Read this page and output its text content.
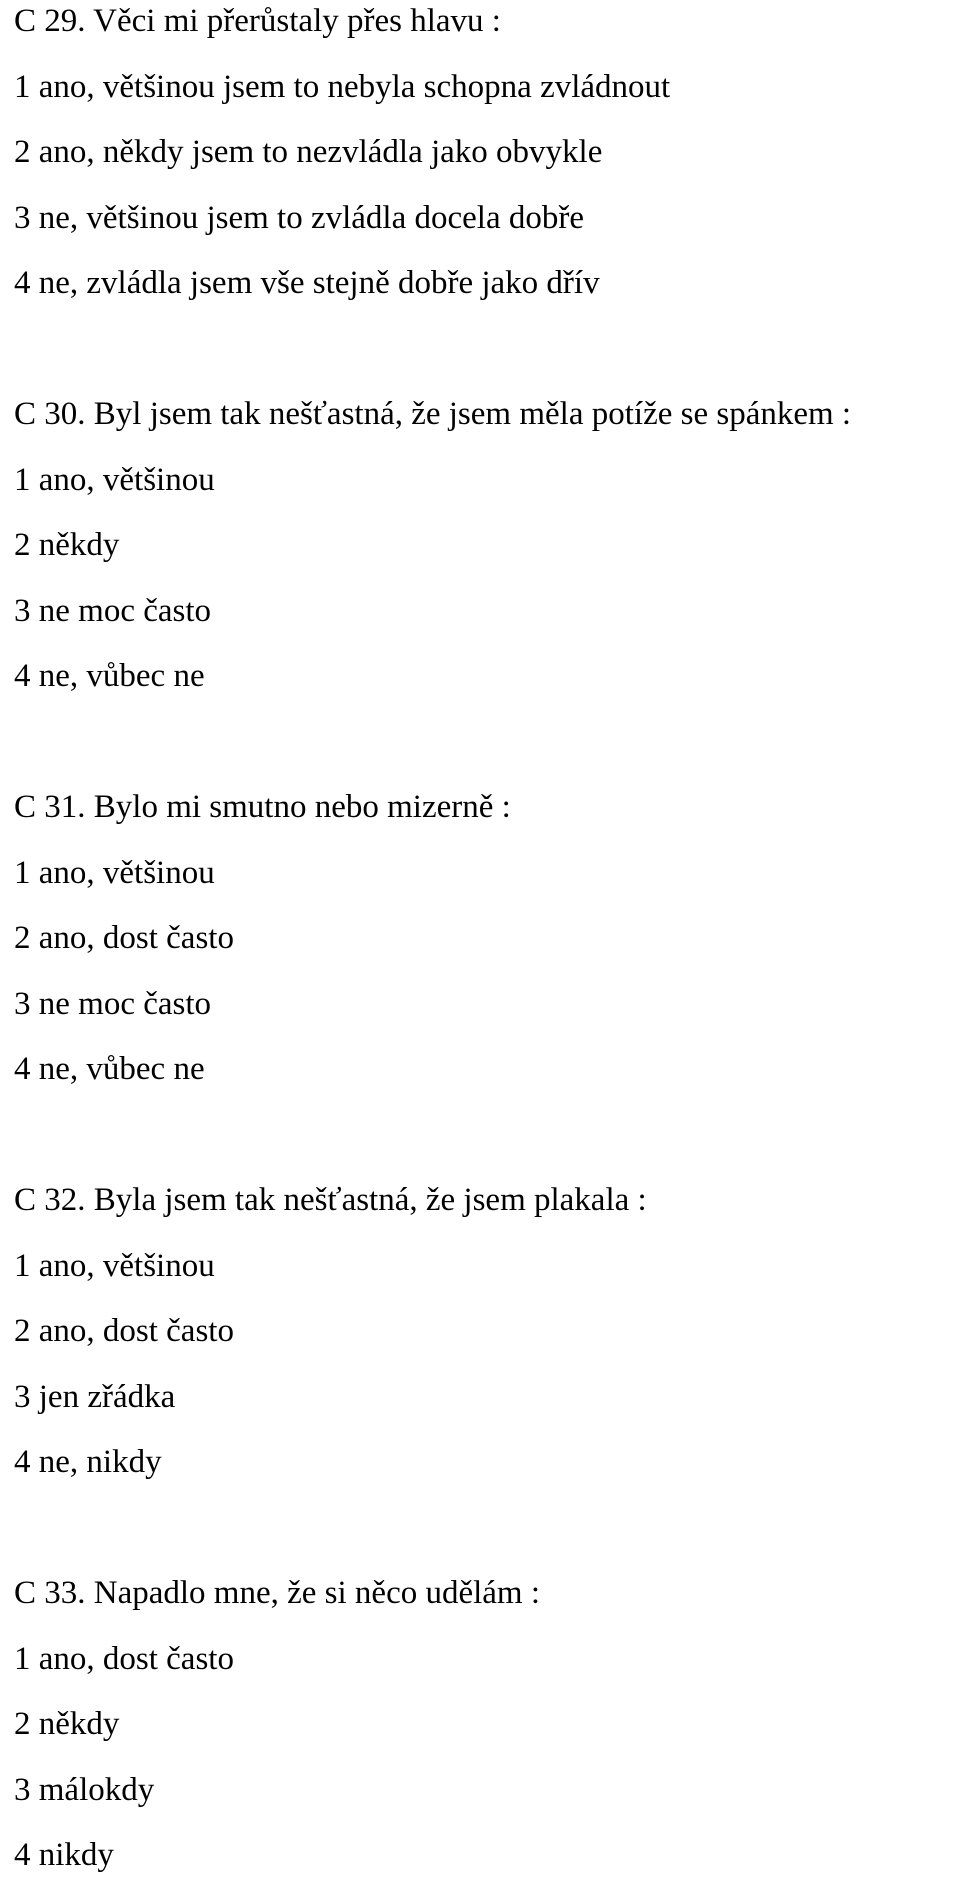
C 29. Věci mi přerůstaly přes hlavu :

1 ano, většinou jsem to nebyla schopna zvládnout

2 ano, někdy jsem to nezvládla jako obvykle

3 ne, většinou jsem to zvládla docela dobře

4 ne, zvládla jsem vše stejně dobře jako dřív

C 30. Byl jsem tak nešťastná, že jsem měla potíže se spánkem :

1 ano, většinou

2 někdy

3 ne moc často

4 ne, vůbec ne

C 31. Bylo mi smutno nebo mizerně :

1 ano, většinou

2 ano, dost často

3 ne moc často

4 ne, vůbec ne

C 32. Byla jsem tak nešťastná, že jsem plakala :

1 ano, většinou

2 ano, dost často

3 jen zřádka

4 ne, nikdy

C 33. Napadlo mne, že si něco udělám :

1 ano, dost často

2 někdy

3 málokdy

4 nikdy
